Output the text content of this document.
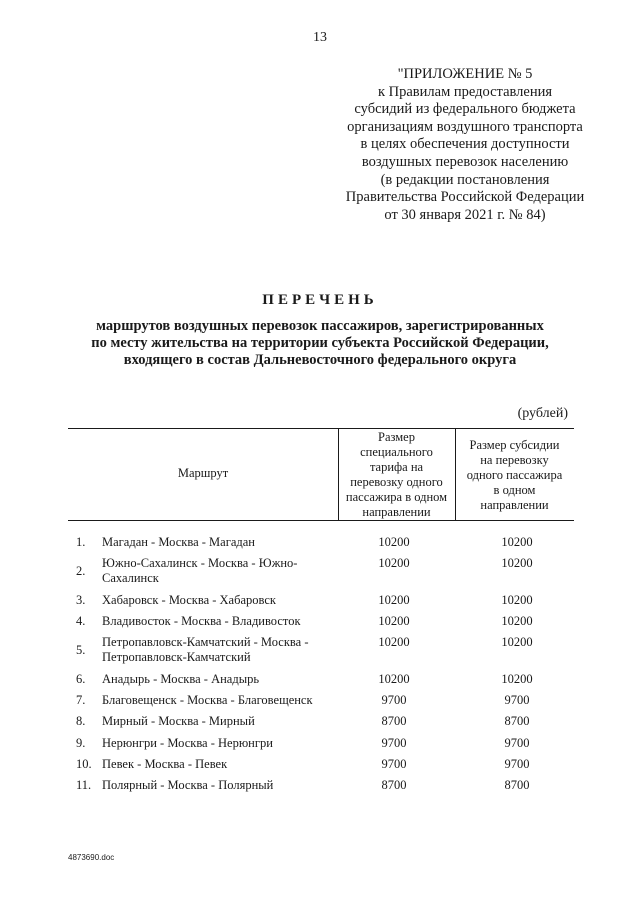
13
"ПРИЛОЖЕНИЕ № 5
к Правилам предоставления
субсидий из федерального бюджета
организациям воздушного транспорта
в целях обеспечения доступности
воздушных перевозок населению
(в редакции постановления
Правительства Российской Федерации
от 30 января 2021 г. № 84)
ПЕРЕЧЕНЬ
маршрутов воздушных перевозок пассажиров, зарегистрированных
по месту жительства на территории субъекта Российской Федерации,
входящего в состав Дальневосточного федерального округа
(рублей)
Маршрут
Размер
специального
тарифа на
перевозку одного
пассажира в одном
направлении
Размер субсидии
на перевозку
одного пассажира
в одном
направлении
1.	Магадан - Москва - Магадан	10200	10200
2.
Южно-Сахалинск - Москва - Южно-
Сахалинск
10200	10200
3.	Хабаровск - Москва - Хабаровск	10200	10200
4.	Владивосток - Москва - Владивосток	10200	10200
5.
Петропавловск-Камчатский - Москва -
Петропавловск-Камчатский
10200	10200
6.	Анадырь - Москва - Анадырь	10200	10200
7.	Благовещенск - Москва - Благовещенск	9700	9700
8.	Мирный - Москва - Мирный	8700	8700
9.	Нерюнгри - Москва - Нерюнгри	9700	9700
10. Певек - Москва - Певек	9700	9700
11. Полярный - Москва - Полярный	8700	8700
4873690.doc
